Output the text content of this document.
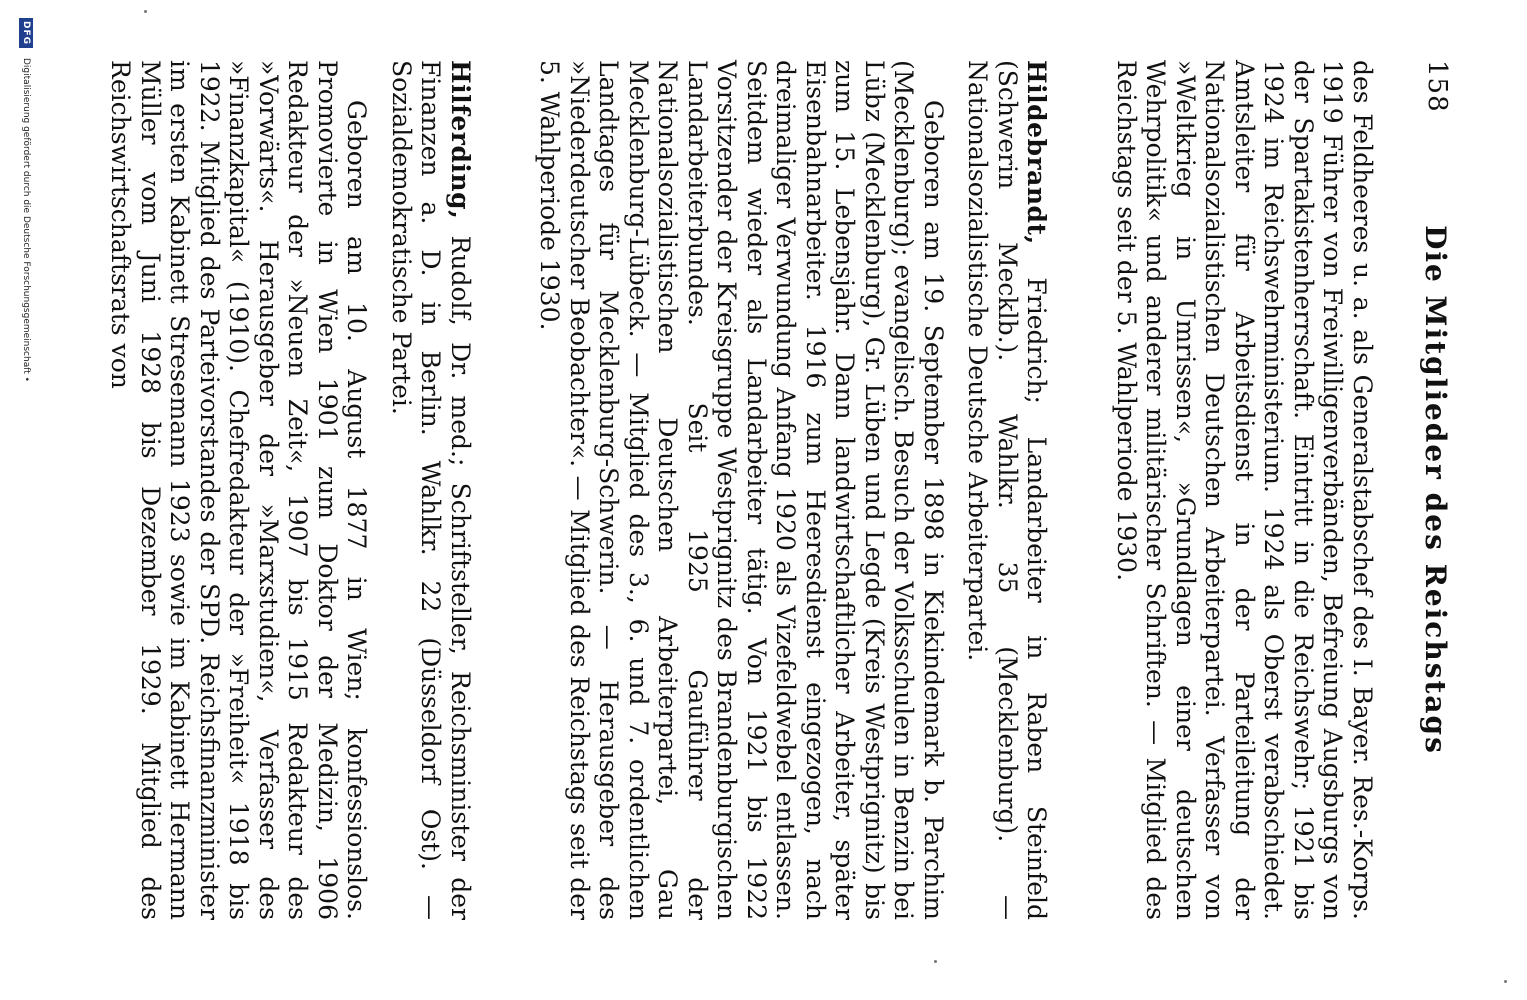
158
Die Mitglieder des Reichstags

des Feldheeres u. a. als Generalstabschef des I. Bayer. Res.-Korps. 1919 Führer von Freiwilligenverbänden, Befreiung Augsburgs von der Spartakistenherrschaft. Eintritt in die Reichswehr; 1921 bis 1924 im Reichswehrministerium. 1924 als Oberst verabschiedet. Amtsleiter für Arbeitsdienst in der Parteileitung der Nationalsozialistischen Deutschen Arbeiterpartei. Verfasser von »Weltkrieg in Umrissen«, »Grundlagen einer deutschen Wehrpolitik« und anderer militärischer Schriften. — Mitglied des Reichstags seit der 5. Wahlperiode 1930.

Hildebrandt, Friedrich; Landarbeiter in Raben Steinfeld (Schwerin Mecklb.). Wahlkr. 35 (Mecklenburg). — Nationalsozialistische Deutsche Arbeiterpartei.

Geboren am 19. September 1898 in Kiekindemark b. Parchim (Mecklenburg); evangelisch. Besuch der Volksschulen in Benzin bei Lübz (Mecklenburg), Gr. Lüben und Legde (Kreis Westprignitz) bis zum 15. Lebensjahr. Dann landwirtschaftlicher Arbeiter, später Eisenbahnarbeiter. 1916 zum Heeresdienst eingezogen, nach dreimaliger Verwundung Anfang 1920 als Vizefeldwebel entlassen. Seitdem wieder als Landarbeiter tätig. Von 1921 bis 1922 Vorsitzender der Kreisgruppe Westprignitz des Brandenburgischen Landarbeiterbundes. Seit 1925 Gauführer der Nationalsozialistischen Deutschen Arbeiterpartei, Gau Mecklenburg-Lübeck. — Mitglied des 3., 6. und 7. ordentlichen Landtages für Mecklenburg-Schwerin. — Herausgeber des »Niederdeutscher Beobachter«. — Mitglied des Reichstags seit der 5. Wahlperiode 1930.

Hilferding, Rudolf, Dr. med.; Schriftsteller, Reichsminister der Finanzen a. D. in Berlin. Wahlkr. 22 (Düsseldorf Ost). — Sozialdemokratische Partei.

Geboren am 10. August 1877 in Wien; konfessionslos. Promovierte in Wien 1901 zum Doktor der Medizin, 1906 Redakteur der »Neuen Zeit«, 1907 bis 1915 Redakteur des »Vorwärts«. Herausgeber der »Marxstudien«, Verfasser des »Finanzkapital« (1910). Chefredakteur der »Freiheit« 1918 bis 1922. Mitglied des Parteivorstandes der SPD. Reichsfinanzminister im ersten Kabinett Stresemann 1923 sowie im Kabinett Hermann Müller vom Juni 1928 bis Dezember 1929. Mitglied des Reichswirtschaftsrats von

DFG
Digitalisierung gefördert durch die Deutsche Forschungsgemeinschaft •
